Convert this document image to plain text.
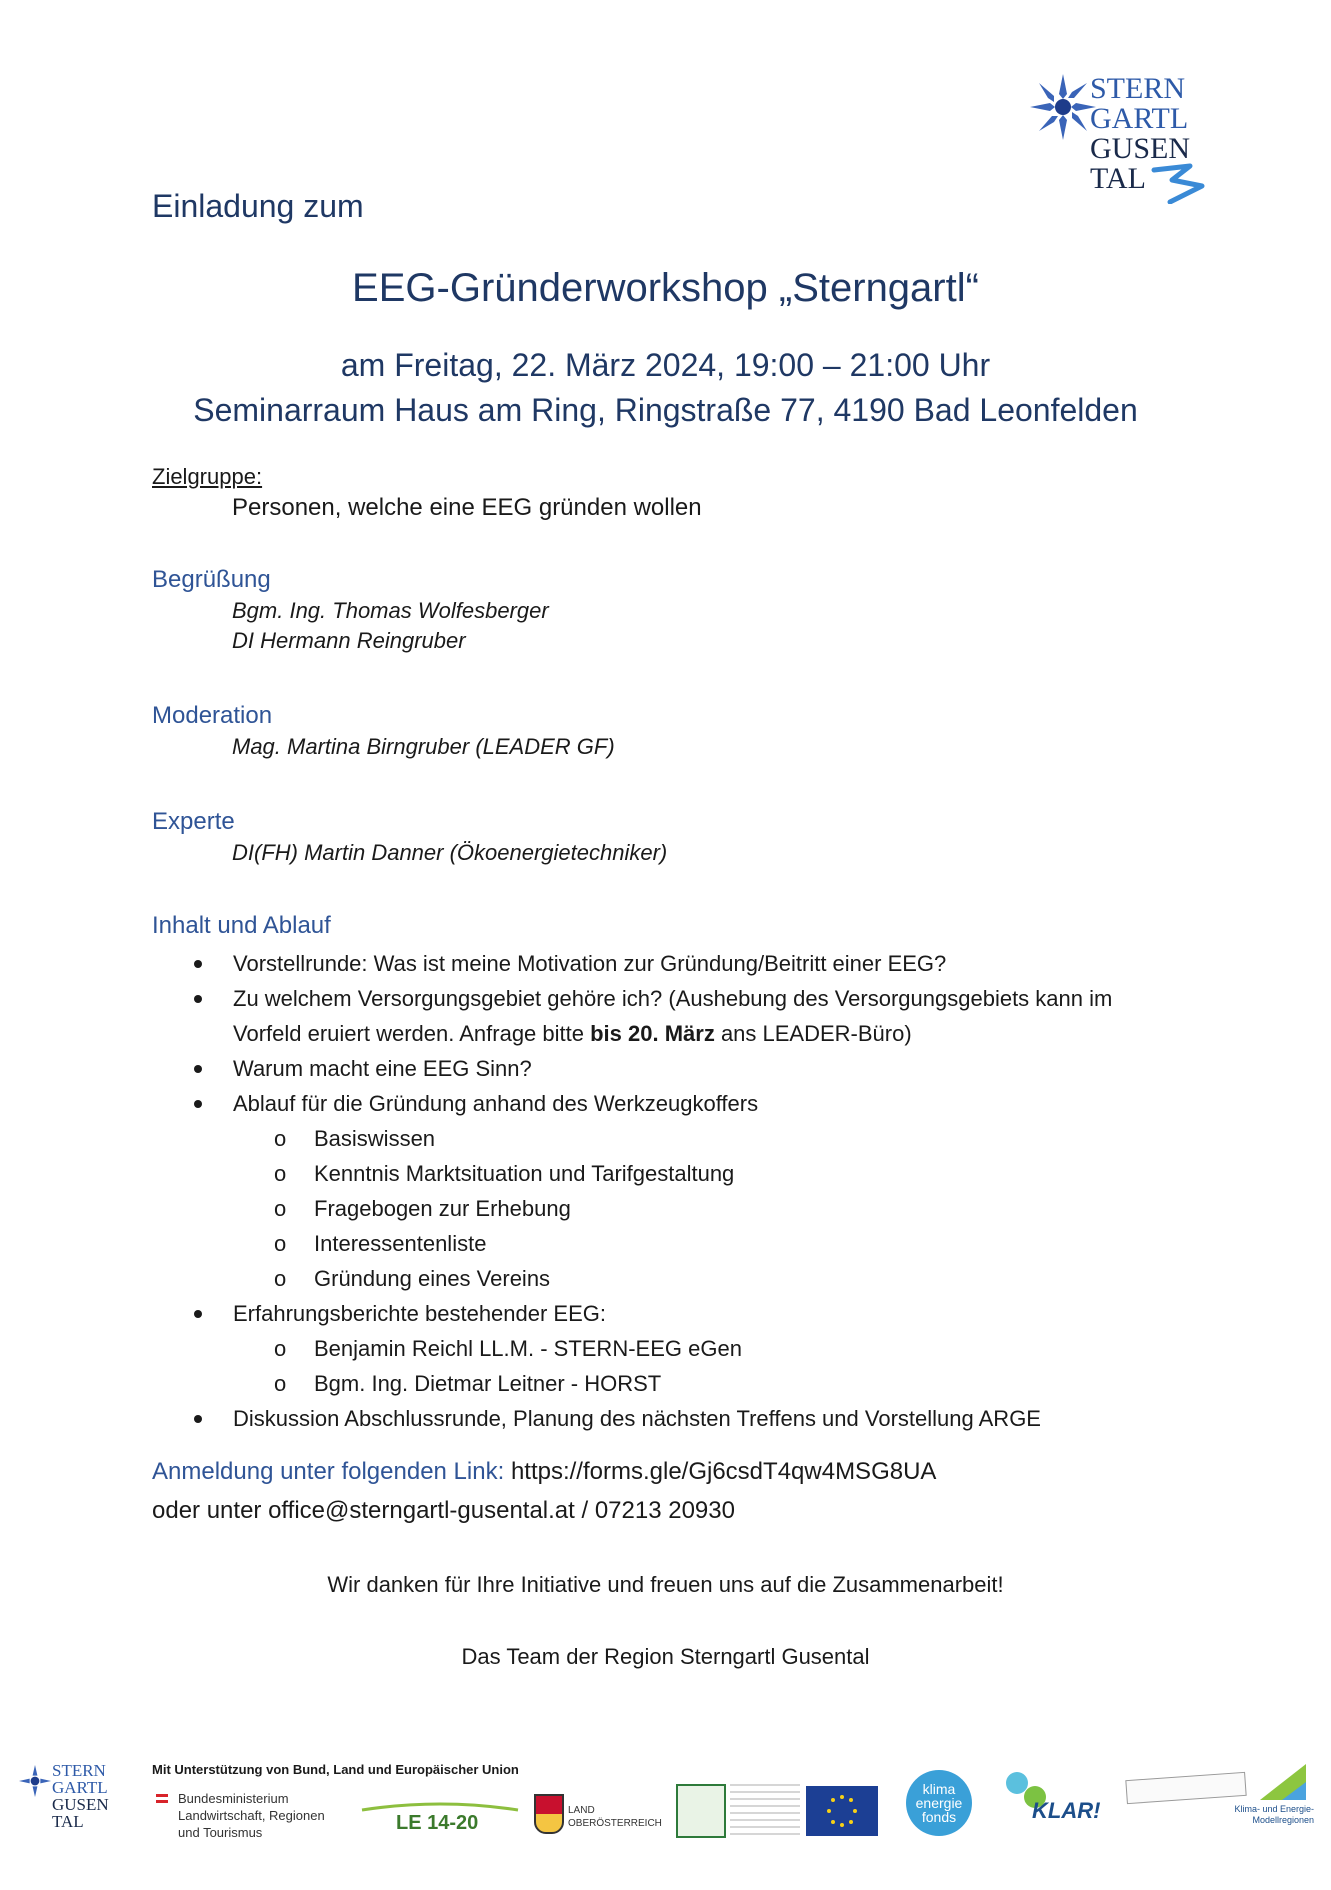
STERN
GARTL
GUSEN
TAL
Einladung zum
EEG-Gründerworkshop „Sterngartl“
am Freitag, 22. März 2024, 19:00 – 21:00 Uhr
Seminarraum Haus am Ring, Ringstraße 77, 4190 Bad Leonfelden
Zielgruppe:
Personen, welche eine EEG gründen wollen
Begrüßung
Bgm. Ing. Thomas Wolfesberger
DI Hermann Reingruber
Moderation
Mag. Martina Birngruber (LEADER GF)
Experte
DI(FH) Martin Danner (Ökoenergietechniker)
Inhalt und Ablauf
Vorstellrunde: Was ist meine Motivation zur Gründung/Beitritt einer EEG?
Zu welchem Versorgungsgebiet gehöre ich? (Aushebung des Versorgungsgebiets kann im
Vorfeld eruiert werden. Anfrage bitte bis 20. März ans LEADER-Büro)
Warum macht eine EEG Sinn?
Ablauf für die Gründung anhand des Werkzeugkoffers
o Basiswissen
o Kenntnis Marktsituation und Tarifgestaltung
o Fragebogen zur Erhebung
o Interessentenliste
o Gründung eines Vereins
Erfahrungsberichte bestehender EEG:
o Benjamin Reichl LL.M. - STERN-EEG eGen
o Bgm. Ing. Dietmar Leitner - HORST
Diskussion Abschlussrunde, Planung des nächsten Treffens und Vorstellung ARGE
Anmeldung unter folgenden Link: https://forms.gle/Gj6csdT4qw4MSG8UA
oder unter office@sterngartl-gusental.at / 07213 20930
Wir danken für Ihre Initiative und freuen uns auf die Zusammenarbeit!
Das Team der Region Sterngartl Gusental
STERN
GARTL
GUSEN
TAL
Mit Unterstützung von Bund, Land und Europäischer Union
Bundesministerium
Landwirtschaft, Regionen
und Tourismus	LE 14-20
LAND
OBERÖSTERREICH
klima
energie
fonds	KLAR!	Klima- und Energie-
Modellregionen
